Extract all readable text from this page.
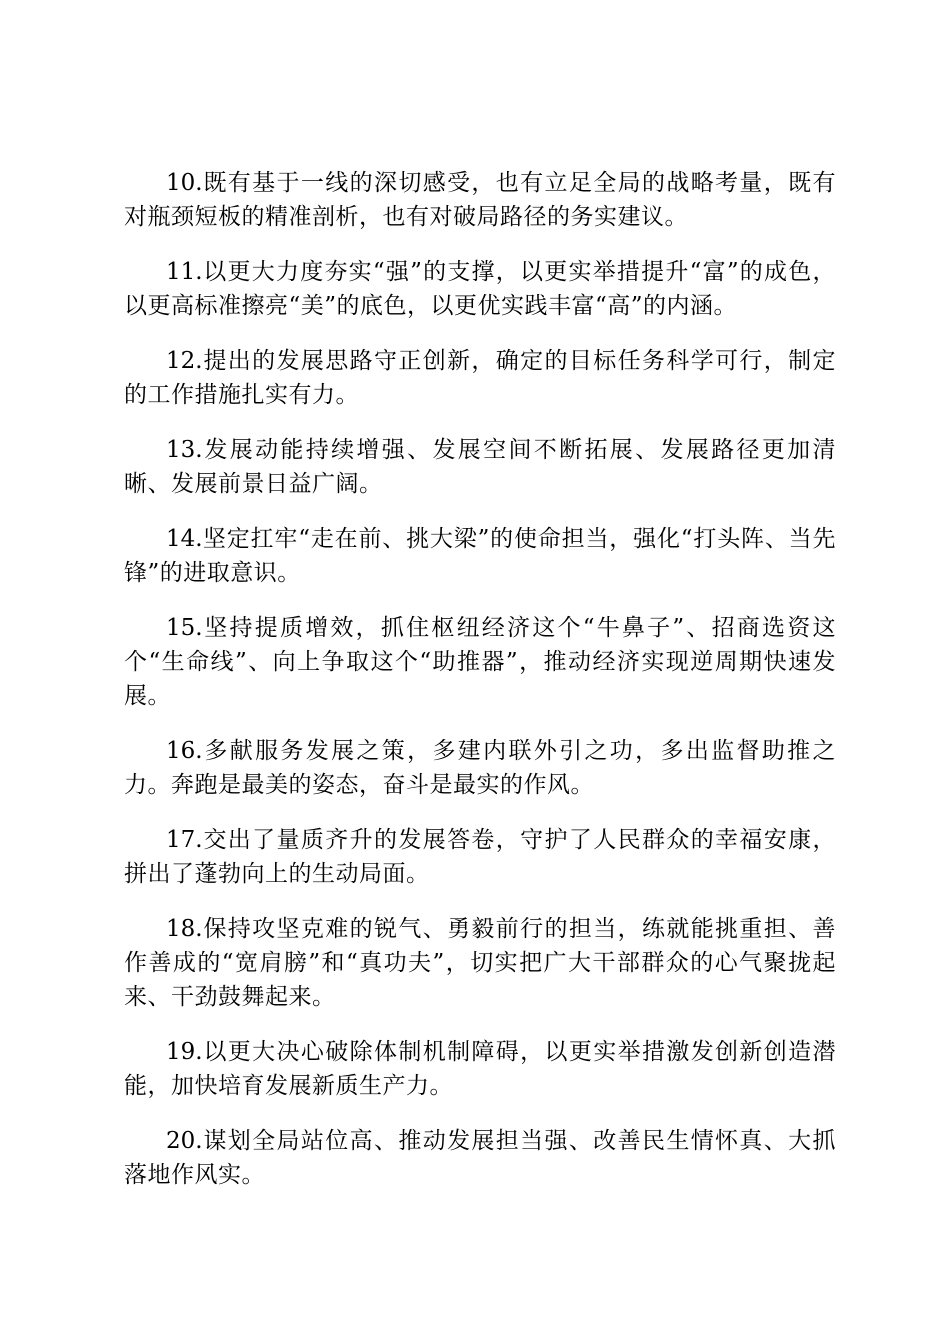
10.既有基于一线的深切感受，也有立足全局的战略考量，既有对瓶颈短板的精准剖析，也有对破局路径的务实建议。

11.以更大力度夯实“强”的支撑，以更实举措提升“富”的成色，以更高标准擦亮“美”的底色，以更优实践丰富“高”的内涵。

12.提出的发展思路守正创新，确定的目标任务科学可行，制定的工作措施扎实有力。

13.发展动能持续增强、发展空间不断拓展、发展路径更加清晰、发展前景日益广阔。

14.坚定扛牢“走在前、挑大梁”的使命担当，强化“打头阵、当先锋”的进取意识。

15.坚持提质增效，抓住枢纽经济这个“牛鼻子”、招商选资这个“生命线”、向上争取这个“助推器”，推动经济实现逆周期快速发展。

16.多献服务发展之策，多建内联外引之功，多出监督助推之力。奔跑是最美的姿态，奋斗是最实的作风。

17.交出了量质齐升的发展答卷，守护了人民群众的幸福安康，拼出了蓬勃向上的生动局面。

18.保持攻坚克难的锐气、勇毅前行的担当，练就能挑重担、善作善成的“宽肩膀”和“真功夫”，切实把广大干部群众的心气聚拢起来、干劲鼓舞起来。

19.以更大决心破除体制机制障碍，以更实举措激发创新创造潜能，加快培育发展新质生产力。

20.谋划全局站位高、推动发展担当强、改善民生情怀真、大抓落地作风实。
